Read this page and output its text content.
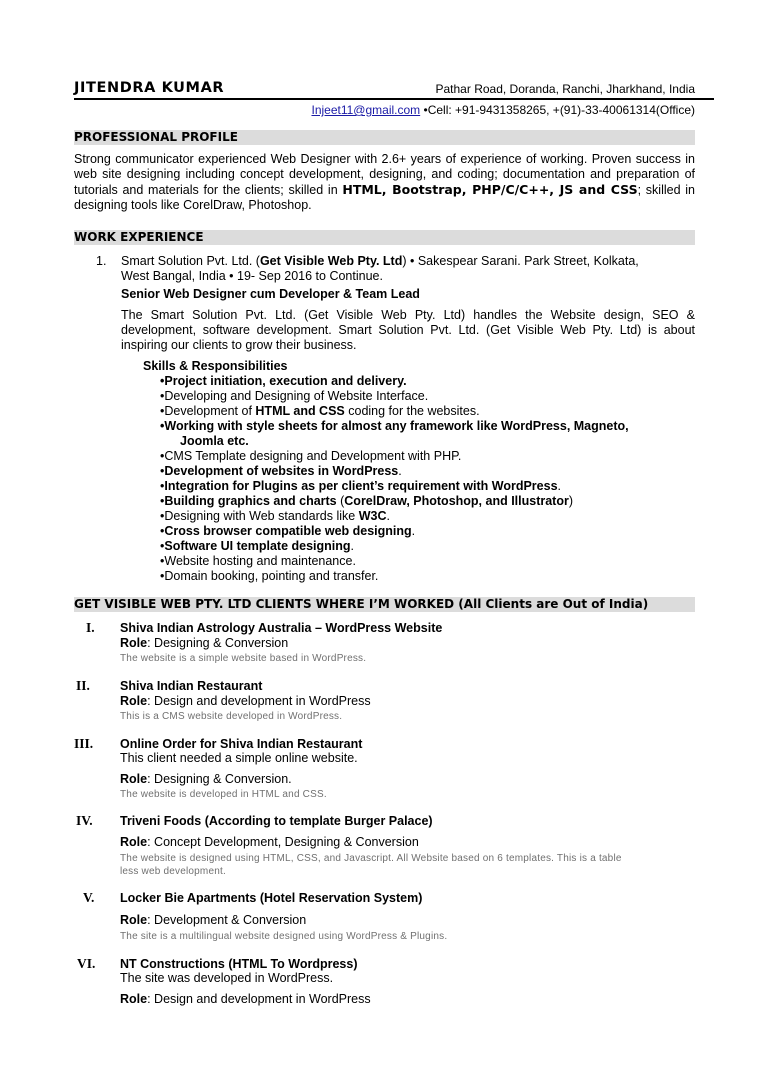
JITENDRA KUMAR	Pathar Road, Doranda, Ranchi, Jharkhand, India
Injeet11@gmail.com •Cell: +91-9431358265, +(91)-33-40061314(Office)
PROFESSIONAL PROFILE
Strong communicator experienced Web Designer with 2.6+ years of experience of working. Proven success in web site designing including concept development, designing, and coding; documentation and preparation of tutorials and materials for the clients; skilled in HTML, Bootstrap, PHP/C/C++, JS and CSS; skilled in designing tools like CorelDraw, Photoshop.
WORK EXPERIENCE
1. Smart Solution Pvt. Ltd. (Get Visible Web Pty. Ltd) • Sakespear Sarani. Park Street, Kolkata,
West Bangal, India • 19- Sep 2016 to Continue.
Senior Web Designer cum Developer & Team Lead
The Smart Solution Pvt. Ltd. (Get Visible Web Pty. Ltd) handles the Website design, SEO & development, software development. Smart Solution Pvt. Ltd. (Get Visible Web Pty. Ltd) is about inspiring our clients to grow their business.
Skills & Responsibilities
•Project initiation, execution and delivery.
•Developing and Designing of Website Interface.
•Development of HTML and CSS coding for the websites.
•Working with style sheets for almost any framework like WordPress, Magneto,
Joomla etc.
•CMS Template designing and Development with PHP.
•Development of websites in WordPress.
•Integration for Plugins as per client’s requirement with WordPress.
•Building graphics and charts (CorelDraw, Photoshop, and Illustrator)
•Designing with Web standards like W3C.
•Cross browser compatible web designing.
•Software UI template designing.
•Website hosting and maintenance.
•Domain booking, pointing and transfer.
GET VISIBLE WEB PTY. LTD CLIENTS WHERE I’M WORKED (All Clients are Out of India)
I. Shiva Indian Astrology Australia – WordPress Website
Role: Designing & Conversion
The website is a simple website based in WordPress.
II. Shiva Indian Restaurant
Role: Design and development in WordPress
This is a CMS website developed in WordPress.
III. Online Order for Shiva Indian Restaurant
This client needed a simple online website.
Role: Designing & Conversion.
The website is developed in HTML and CSS.
IV. Triveni Foods (According to template Burger Palace)
Role: Concept Development, Designing & Conversion
The website is designed using HTML, CSS, and Javascript. All Website based on 6 templates. This is a table
less web development.
V. Locker Bie Apartments (Hotel Reservation System)
Role: Development & Conversion
The site is a multilingual website designed using WordPress & Plugins.
VI. NT Constructions (HTML To Wordpress)
The site was developed in WordPress.
Role: Design and development in WordPress
